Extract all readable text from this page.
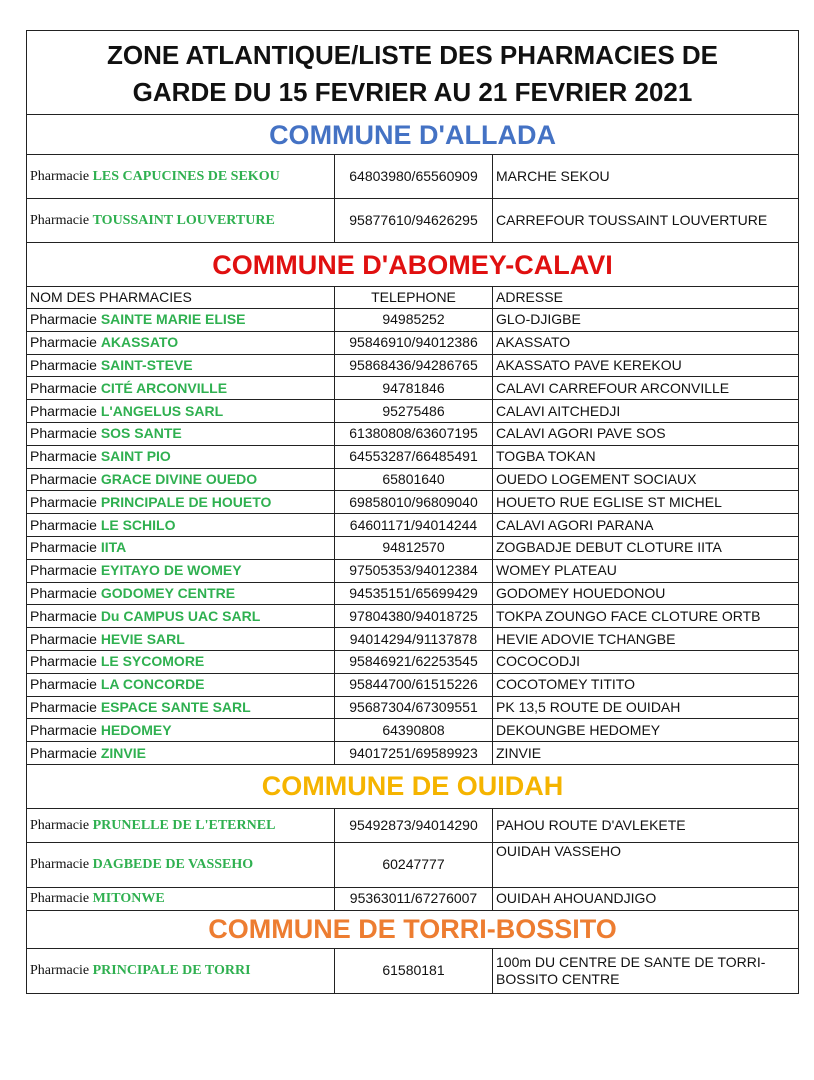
ZONE ATLANTIQUE/LISTE DES PHARMACIES DE
GARDE DU 15 FEVRIER AU 21 FEVRIER 2021		
COMMUNE D'ALLADA		
Pharmacie LES CAPUCINES DE SEKOU	64803980/65560909	MARCHE SEKOU
Pharmacie TOUSSAINT LOUVERTURE	95877610/94626295	CARREFOUR TOUSSAINT LOUVERTURE
COMMUNE D'ABOMEY-CALAVI		
NOM DES PHARMACIES	TELEPHONE	ADRESSE
Pharmacie SAINTE MARIE ELISE	94985252	GLO-DJIGBE
Pharmacie AKASSATO	95846910/94012386	AKASSATO
Pharmacie SAINT-STEVE	95868436/94286765	AKASSATO PAVE KEREKOU
Pharmacie CITÉ ARCONVILLE	94781846	CALAVI CARREFOUR ARCONVILLE
Pharmacie L'ANGELUS SARL	95275486	CALAVI AITCHEDJI
Pharmacie SOS SANTE	61380808/63607195	CALAVI AGORI PAVE SOS
Pharmacie SAINT PIO	64553287/66485491	TOGBA TOKAN
Pharmacie GRACE DIVINE OUEDO	65801640	OUEDO LOGEMENT SOCIAUX
Pharmacie PRINCIPALE DE HOUETO	69858010/96809040	HOUETO RUE EGLISE ST MICHEL
Pharmacie LE SCHILO	64601171/94014244	CALAVI AGORI PARANA
Pharmacie IITA	94812570	ZOGBADJE DEBUT CLOTURE IITA
Pharmacie EYITAYO DE WOMEY	97505353/94012384	WOMEY PLATEAU
Pharmacie GODOMEY CENTRE	94535151/65699429	GODOMEY HOUEDONOU
Pharmacie Du CAMPUS UAC SARL	97804380/94018725	TOKPA ZOUNGO FACE CLOTURE ORTB
Pharmacie HEVIE SARL	94014294/91137878	HEVIE ADOVIE TCHANGBE
Pharmacie LE SYCOMORE	95846921/62253545	COCOCODJI
Pharmacie LA CONCORDE	95844700/61515226	COCOTOMEY TITITO
Pharmacie ESPACE SANTE SARL	95687304/67309551	PK 13,5 ROUTE DE OUIDAH
Pharmacie HEDOMEY	64390808	DEKOUNGBE HEDOMEY
Pharmacie ZINVIE	94017251/69589923	ZINVIE
COMMUNE DE OUIDAH		
Pharmacie PRUNELLE DE L'ETERNEL	95492873/94014290	PAHOU ROUTE D'AVLEKETE
Pharmacie DAGBEDE DE VASSEHO	60247777	OUIDAH VASSEHO
Pharmacie MITONWE	95363011/67276007	OUIDAH AHOUANDJIGO
COMMUNE DE TORRI-BOSSITO		
Pharmacie PRINCIPALE DE TORRI	61580181	100m DU CENTRE DE SANTE DE TORRI-BOSSITO CENTRE
